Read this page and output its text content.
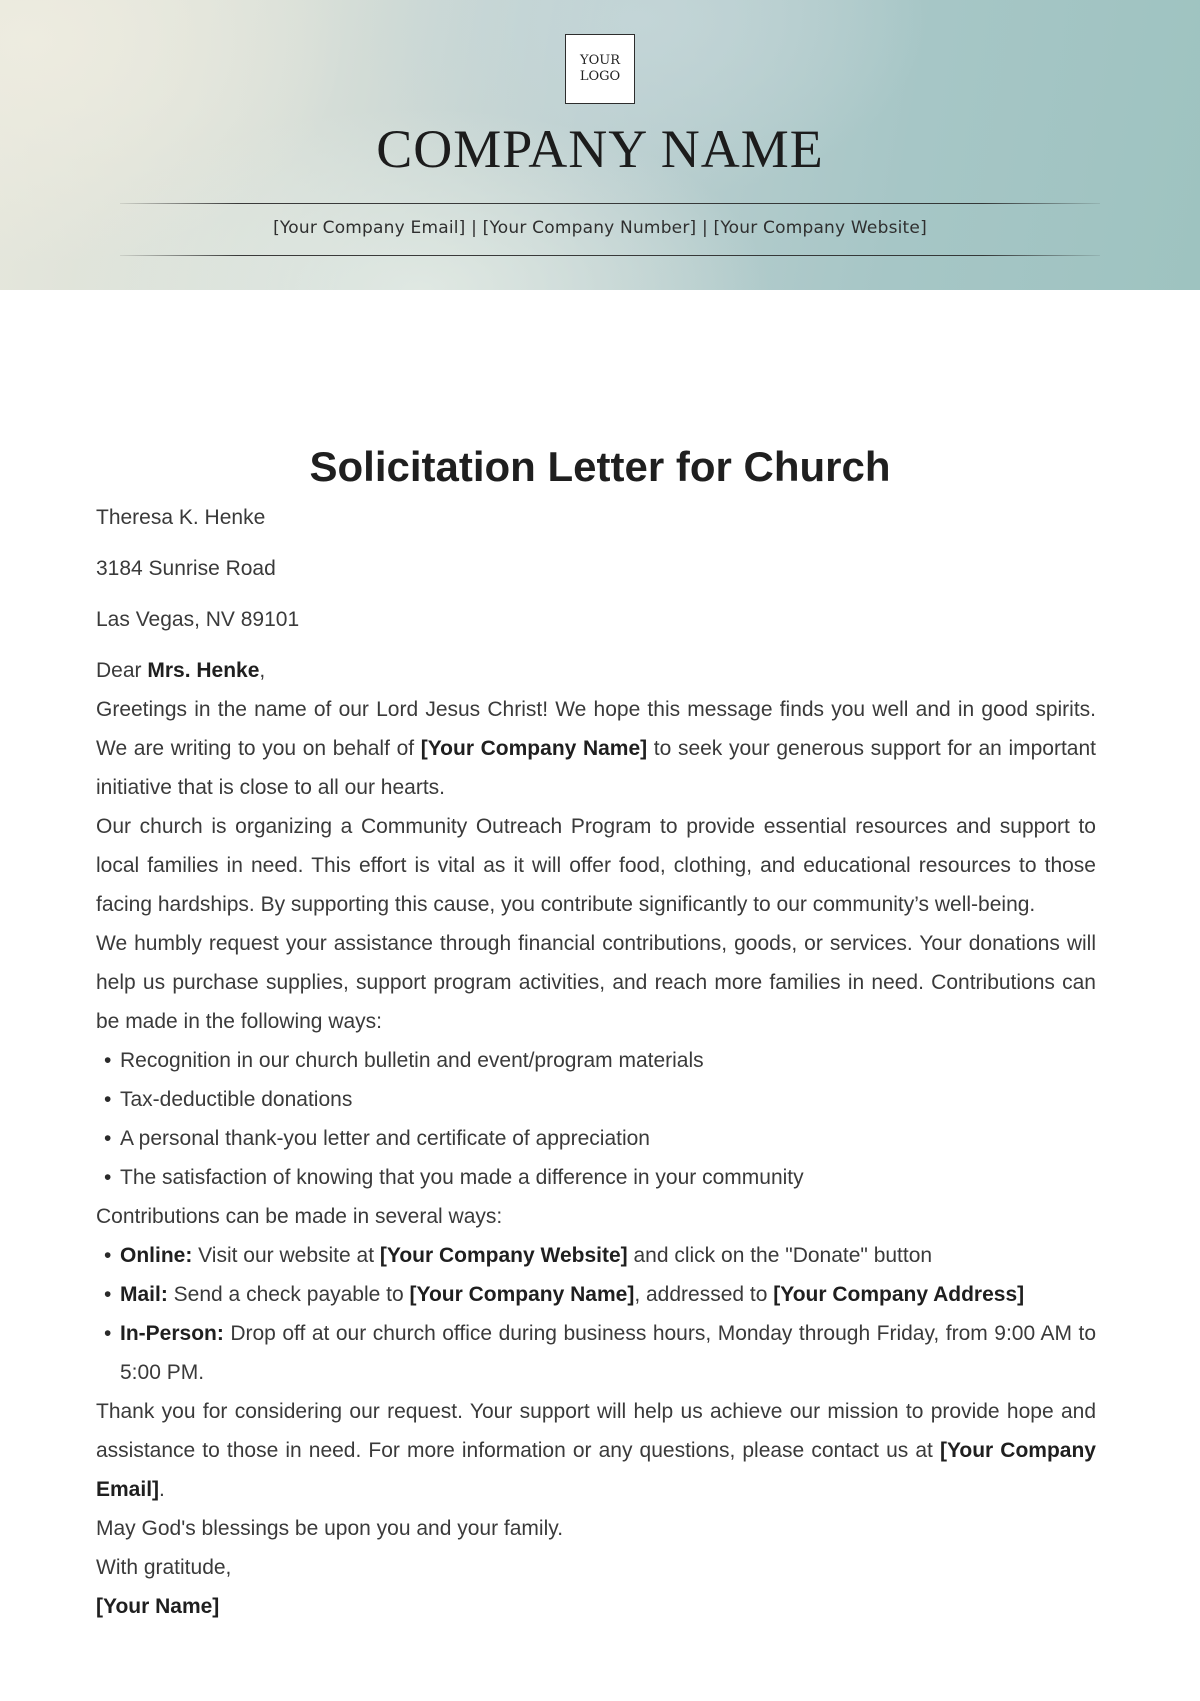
YOUR
LOGO
COMPANY NAME
[Your Company Email] | [Your Company Number] | [Your Company Website]
Solicitation Letter for Church

Theresa K. Henke

3184 Sunrise Road

Las Vegas, NV 89101

Dear Mrs. Henke,

Greetings in the name of our Lord Jesus Christ! We hope this message finds you well and in good spirits. We are writing to you on behalf of [Your Company Name] to seek your generous support for an important initiative that is close to all our hearts.

Our church is organizing a Community Outreach Program to provide essential resources and support to local families in need. This effort is vital as it will offer food, clothing, and educational resources to those facing hardships. By supporting this cause, you contribute significantly to our community’s well-being.

We humbly request your assistance through financial contributions, goods, or services. Your donations will help us purchase supplies, support program activities, and reach more families in need. Contributions can be made in the following ways:

• Recognition in our church bulletin and event/program materials
• Tax-deductible donations
• A personal thank-you letter and certificate of appreciation
• The satisfaction of knowing that you made a difference in your community

Contributions can be made in several ways:

• Online: Visit our website at [Your Company Website] and click on the "Donate" button
• Mail: Send a check payable to [Your Company Name], addressed to [Your Company Address]
• In-Person: Drop off at our church office during business hours, Monday through Friday, from 9:00 AM to 5:00 PM.

Thank you for considering our request. Your support will help us achieve our mission to provide hope and assistance to those in need. For more information or any questions, please contact us at [Your Company Email].

May God's blessings be upon you and your family.

With gratitude,

[Your Name]
